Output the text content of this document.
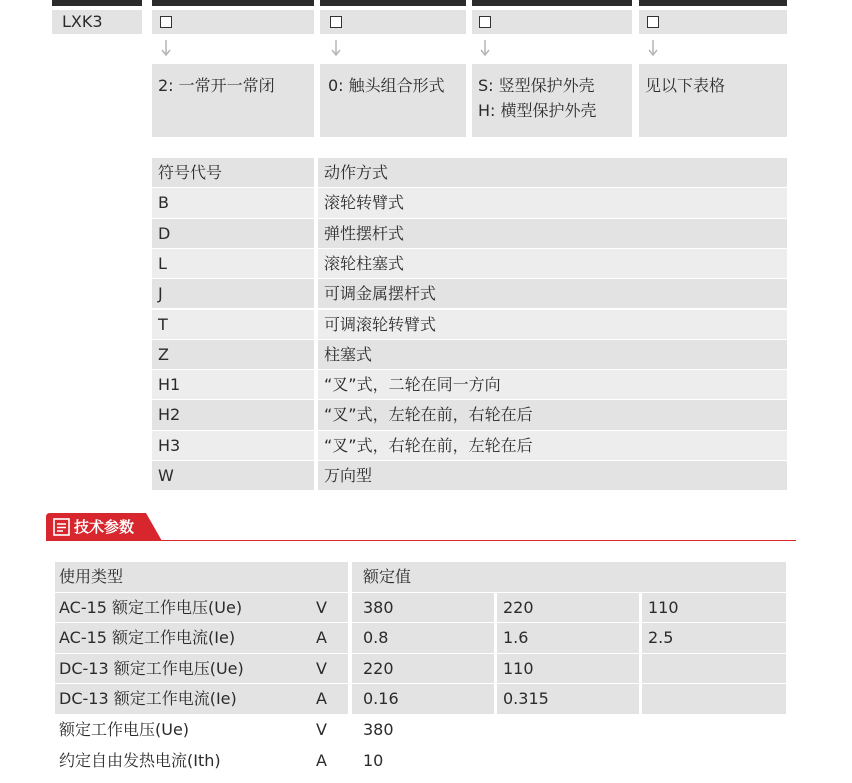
LXK3
2: 一常开一常闭	0: 触头组合形式 S: 竖型保护外壳
H: 横型保护外壳
见以下表格
符号代号	动作方式
B	滚轮转臂式
D	弹性摆杆式
L	滚轮柱塞式
J	可调金属摆杆式
T	可调滚轮转臂式
Z	柱塞式
H1	“叉”式，二轮在同一方向
H2	“叉”式，左轮在前，右轮在后
H3	“叉”式，右轮在前，左轮在后
W	万向型
技术参数
使用类型	额定值
AC-15 额定工作电压(Ue)	V 380	220	110
AC-15 额定工作电流(Ie)	A 0.8	1.6	2.5
DC-13 额定工作电压(Ue)	V 220	110
DC-13 额定工作电流(Ie)	A 0.16	0.315
额定工作电压(Ue)	V 380
约定自由发热电流(Ith)	A 10
